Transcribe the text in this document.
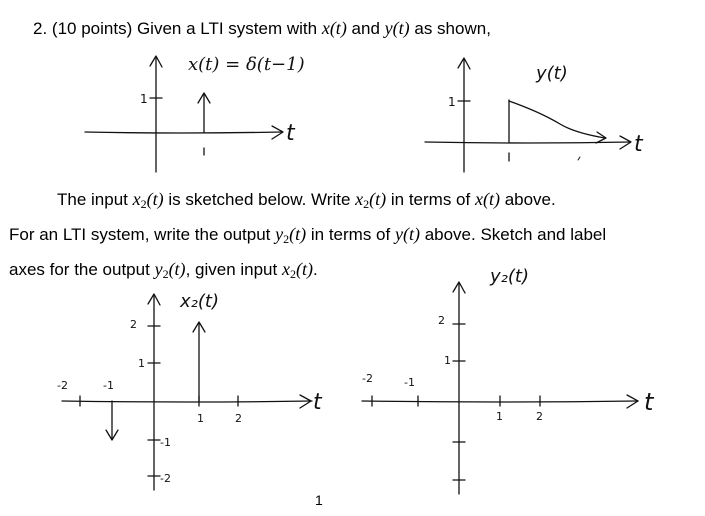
2. (10 points) Given a LTI system with x(t) and y(t) as shown,
The input $x_2(t)$ is sketched below. Write $x_2(t)$ in terms of x(t) above.
For an LTI system, write the output $y_2(t)$ in terms of y(t) above. Sketch and label
axes for the output $y_2(t)$, given input $x_2(t)$.
x(t) = δ(t−1)
1
t
y(t)
1
t
x₂(t)
2
1
-1
-2
-2	-1
1	2
t
y₂(t)
2
1
-2	-1
1	2
t
1
